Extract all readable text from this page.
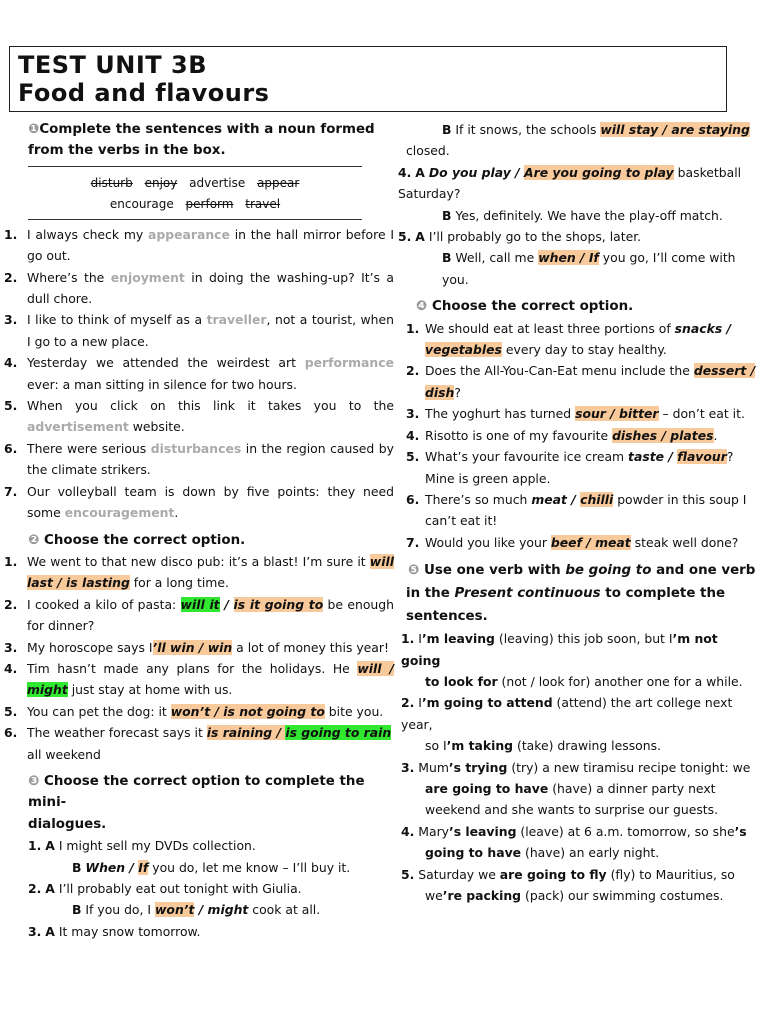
TEST UNIT 3B
Food and flavours
❶Complete the sentences with a noun formed
from the verbs in the box.
disturb enjoy advertise appear
encourage perform travel
1. I always check my appearance in the hall mirror before I go out.
2. Where’s the enjoyment in doing the washing-up? It’s a dull chore.
3. I like to think of myself as a traveller, not a tourist, when I go to a new place.
4. Yesterday we attended the weirdest art performance ever: a man sitting in silence for two hours.
5. When you click on this link it takes you to the advertisement website.
6. There were serious disturbances in the region caused by the climate strikers.
7. Our volleyball team is down by five points: they need some encouragement.
❷ Choose the correct option.
1. We went to that new disco pub: it’s a blast! I’m sure it will last / is lasting for a long time.
2. I cooked a kilo of pasta: will it / is it going to be enough for dinner?
3. My horoscope says I’ll win / win a lot of money this year!
4. Tim hasn’t made any plans for the holidays. He will / might just stay at home with us.
5. You can pet the dog: it won’t / is not going to bite you.
6. The weather forecast says it is raining / is going to rain all weekend
❸ Choose the correct option to complete the mini-
dialogues.
1. A I might sell my DVDs collection.
B When / If you do, let me know – I’ll buy it.
2. A I’ll probably eat out tonight with Giulia.
B If you do, I won’t / might cook at all.
3. A It may snow tomorrow.
B If it snows, the schools will stay / are staying
closed.
4. A Do you play / Are you going to play basketball Saturday?
B Yes, definitely. We have the play-off match.
5. A I’ll probably go to the shops, later.
B Well, call me when / If you go, I’ll come with you.
❹ Choose the correct option.
1. We should eat at least three portions of snacks / vegetables every day to stay healthy.
2. Does the All-You-Can-Eat menu include the dessert / dish?
3. The yoghurt has turned sour / bitter – don’t eat it.
4. Risotto is one of my favourite dishes / plates.
5. What’s your favourite ice cream taste / flavour? Mine is green apple.
6. There’s so much meat / chilli powder in this soup I can’t eat it!
7. Would you like your beef / meat steak well done?
❺ Use one verb with be going to and one verb
in the Present continuous to complete the
sentences.
1. I’m leaving (leaving) this job soon, but I’m not going
to look for (not / look for) another one for a while.
2. I’m going to attend (attend) the art college next year,
so I’m taking (take) drawing lessons.
3. Mum’s trying (try) a new tiramisu recipe tonight: we
are going to have (have) a dinner party next
weekend and she wants to surprise our guests.
4. Mary’s leaving (leave) at 6 a.m. tomorrow, so she’s
going to have (have) an early night.
5. Saturday we are going to fly (fly) to Mauritius, so
we’re packing (pack) our swimming costumes.
